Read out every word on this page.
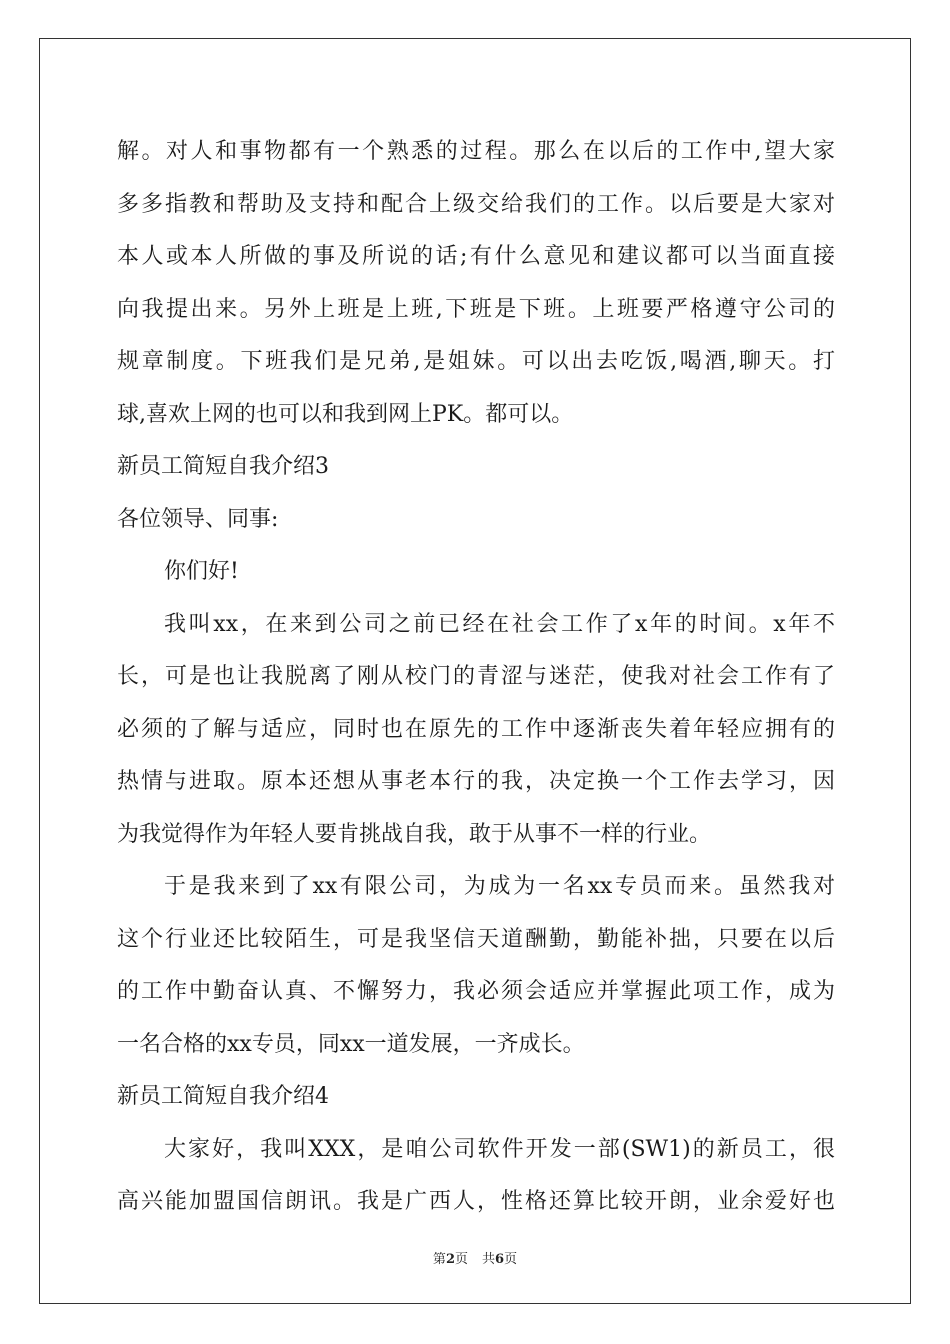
解。对人和事物都有一个熟悉的过程。那么在以后的工作中,望大家
多多指教和帮助及支持和配合上级交给我们的工作。以后要是大家对
本人或本人所做的事及所说的话;有什么意见和建议都可以当面直接
向我提出来。另外上班是上班,下班是下班。上班要严格遵守公司的
规章制度。下班我们是兄弟,是姐妹。可以出去吃饭,喝酒,聊天。打
球,喜欢上网的也可以和我到网上PK。都可以。
新员工简短自我介绍3
各位领导、同事:
你们好!
我叫xx，在来到公司之前已经在社会工作了x年的时间。x年不
长，可是也让我脱离了刚从校门的青涩与迷茫，使我对社会工作有了
必须的了解与适应，同时也在原先的工作中逐渐丧失着年轻应拥有的
热情与进取。原本还想从事老本行的我，决定换一个工作去学习，因
为我觉得作为年轻人要肯挑战自我，敢于从事不一样的行业。
于是我来到了xx有限公司，为成为一名xx专员而来。虽然我对
这个行业还比较陌生，可是我坚信天道酬勤，勤能补拙，只要在以后
的工作中勤奋认真、不懈努力，我必须会适应并掌握此项工作，成为
一名合格的xx专员，同xx一道发展，一齐成长。
新员工简短自我介绍4
大家好，我叫XXX，是咱公司软件开发一部(SW1)的新员工，很
高兴能加盟国信朗讯。我是广西人，性格还算比较开朗，业余爱好也
第2页 共6页
